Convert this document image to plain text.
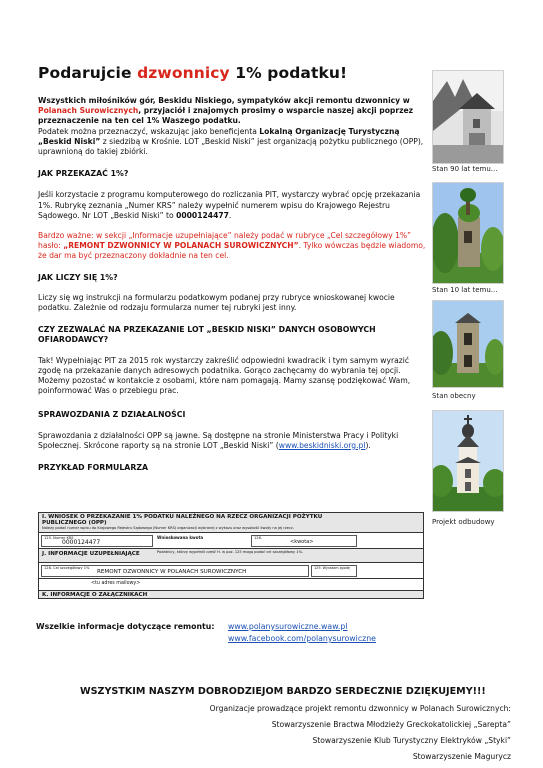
Podarujcie dzwonnicy 1% podatku!

Wszystkich miłośników gór, Beskidu Niskiego, sympatyków akcji remontu dzwonnicy w Polanach Surowicznych, przyjaciół i znajomych prosimy o wsparcie naszej akcji poprzez przeznaczenie na ten cel 1% Waszego podatku.
Podatek można przeznaczyć, wskazując jako beneficjenta Lokalną Organizację Turystyczną „Beskid Niski” z siedzibą w Krośnie. LOT „Beskid Niski” jest organizacją pożytku publicznego (OPP), uprawnioną do takiej zbiórki.

JAK PRZEKAZAĆ 1%?

Jeśli korzystacie z programu komputerowego do rozliczania PIT, wystarczy wybrać opcję przekazania 1%. Rubrykę zeznania „Numer KRS” należy wypełnić numerem wpisu do Krajowego Rejestru Sądowego. Nr LOT „Beskid Niski” to 0000124477.

Bardzo ważne: w sekcji „Informacje uzupełniające” należy podać w rubryce „Cel szczegółowy 1%” hasło: „REMONT DZWONNICY W POLANACH SUROWICZNYCH”. Tylko wówczas będzie wiadomo, że dar ma być przeznaczony dokładnie na ten cel.

JAK LICZY SIĘ 1%?

Liczy się wg instrukcji na formularzu podatkowym podanej przy rubryce wnioskowanej kwocie podatku. Zależnie od rodzaju formularza numer tej rubryki jest inny.

CZY ZEZWALAĆ NA PRZEKAZANIE LOT „BESKID NISKI” DANYCH OSOBOWYCH OFIARODAWCY?

Tak! Wypełniając PIT za 2015 rok wystarczy zakreślić odpowiedni kwadracik i tym samym wyrazić zgodę na przekazanie danych adresowych podatnika. Gorąco zachęcamy do wybrania tej opcji. Możemy pozostać w kontakcie z osobami, które nam pomagają. Mamy szansę podziękować Wam, poinformować Was o przebiegu prac.

SPRAWOZDANIA Z DZIAŁALNOŚCI

Sprawozdania z działalności OPP są jawne. Są dostępne na stronie Ministerstwa Pracy i Polityki Społecznej. Skrócone raporty są na stronie LOT „Beskid Niski” (www.beskidniski.org.pl).

PRZYKŁAD FORMULARZA

I. WNIOSEK O PRZEKAZANIE 1% PODATKU NALEŻNEGO NA RZECZ ORGANIZACJI POŻYTKU PUBLICZNEGO (OPP)
Należy podać numer wpisu do Krajowego Rejestru Sądowego (Numer KRS) organizacji wybranej z wykazu oraz wysokość kwoty na jej rzecz.
125. Numer KRS
0000124477
Wnioskowana kwota	126.
<kwota>
J. INFORMACJE UZUPEŁNIAJĄCE	Podatnicy, którzy wypełnili część H. w poz. 125 mogą podać cel szczegółowy 1%.
128. Cel szczegółowy 1%
REMONT DZWONNICY W POLANACH SUROWICZNYCH
129. Wyrażam zgodę
<tu adres mailowy>
K. INFORMACJE O ZAŁĄCZNIKACH
Stan 90 lat temu...
Stan 10 lat temu...
Stan obecny
Projekt odbudowy
Wszelkie informacje dotyczące remontu: www.polanysurowiczne.waw.pl
www.facebook.com/polanysurowiczne
WSZYSTKIM NASZYM DOBRODZIEJOM BARDZO SERDECZNIE DZIĘKUJEMY!!!
Organizacje prowadzące projekt remontu dzwonnicy w Polanach Surowicznych:
Stowarzyszenie Bractwa Młodzieży Greckokatolickiej „Sarepta”
Stowarzyszenie Klub Turystyczny Elektryków „Styki”
Stowarzyszenie Magurycz
